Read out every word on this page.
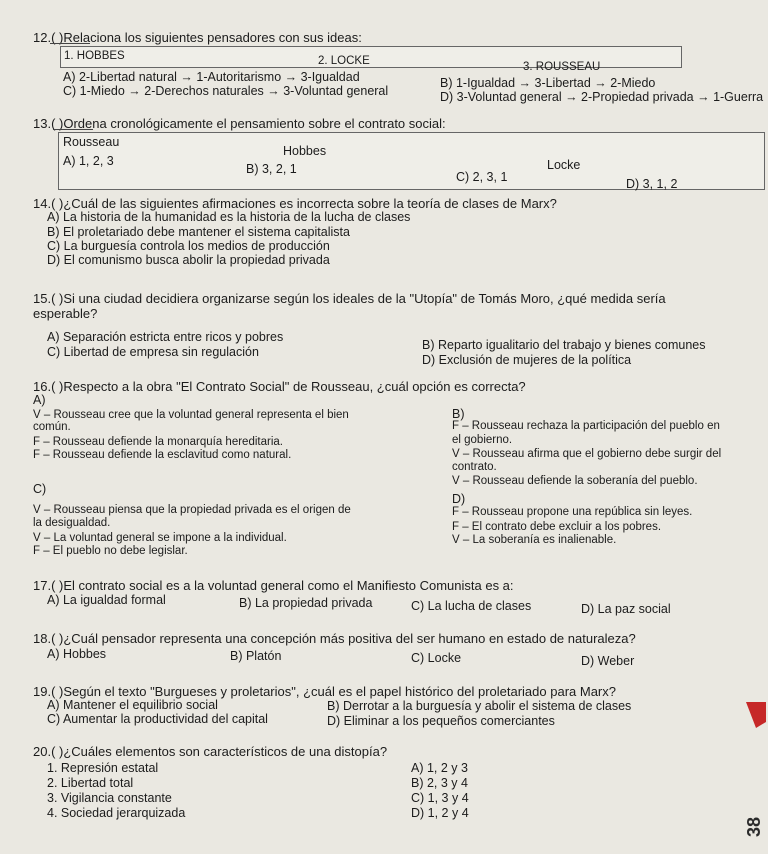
12.( )Relaciona los siguientes pensadores con sus ideas:
1. HOBBES	2. LOCKE	3. ROUSSEAU
A) 2-Libertad natural → 1-Autoritarismo → 3-Igualdad	B) 1-Igualdad → 3-Libertad → 2-Miedo
C) 1-Miedo → 2-Derechos naturales → 3-Voluntad general	D) 3-Voluntad general → 2-Propiedad privada → 1-Guerra
13.( )Ordena cronológicamente el pensamiento sobre el contrato social:
Rousseau
Hobbes
Locke
A) 1, 2, 3
B) 3, 2, 1
C) 2, 3, 1	D) 3, 1, 2
14.( )¿Cuál de las siguientes afirmaciones es incorrecta sobre la teoría de clases de Marx?
A) La historia de la humanidad es la historia de la lucha de clases
B) El proletariado debe mantener el sistema capitalista
C) La burguesía controla los medios de producción
D) El comunismo busca abolir la propiedad privada
15.( )Si una ciudad decidiera organizarse según los ideales de la "Utopía" de Tomás Moro, ¿qué medida sería
esperable?
A) Separación estricta entre ricos y pobres
B) Reparto igualitario del trabajo y bienes comunes
C) Libertad de empresa sin regulación
D) Exclusión de mujeres de la política
16.( )Respecto a la obra "El Contrato Social" de Rousseau, ¿cuál opción es correcta?
A)
V – Rousseau cree que la voluntad general representa el bien
común.
F – Rousseau defiende la monarquía hereditaria.
F – Rousseau defiende la esclavitud como natural.
B)
F – Rousseau rechaza la participación del pueblo en
el gobierno.
V – Rousseau afirma que el gobierno debe surgir del
contrato.
V – Rousseau defiende la soberanía del pueblo.
C)
V – Rousseau piensa que la propiedad privada es el origen de
la desigualdad.
V – La voluntad general se impone a la individual.
F – El pueblo no debe legislar.
D)
F – Rousseau propone una república sin leyes.
F – El contrato debe excluir a los pobres.
V – La soberanía es inalienable.
17.( )El contrato social es a la voluntad general como el Manifiesto Comunista es a:
A) La igualdad formal	B) La propiedad privada	C) La lucha de clases	D) La paz social
18.( )¿Cuál pensador representa una concepción más positiva del ser humano en estado de naturaleza?
A) Hobbes	B) Platón	C) Locke	D) Weber
19.( )Según el texto "Burgueses y proletarios", ¿cuál es el papel histórico del proletariado para Marx?
A) Mantener el equilibrio social	B) Derrotar a la burguesía y abolir el sistema de clases
C) Aumentar la productividad del capital	D) Eliminar a los pequeños comerciantes
20.( )¿Cuáles elementos son característicos de una distopía?
1. Represión estatal
2. Libertad total
3. Vigilancia constante
4. Sociedad jerarquizada
A) 1, 2 y 3
B) 2, 3 y 4
C) 1, 3 y 4
D) 1, 2 y 4
38
